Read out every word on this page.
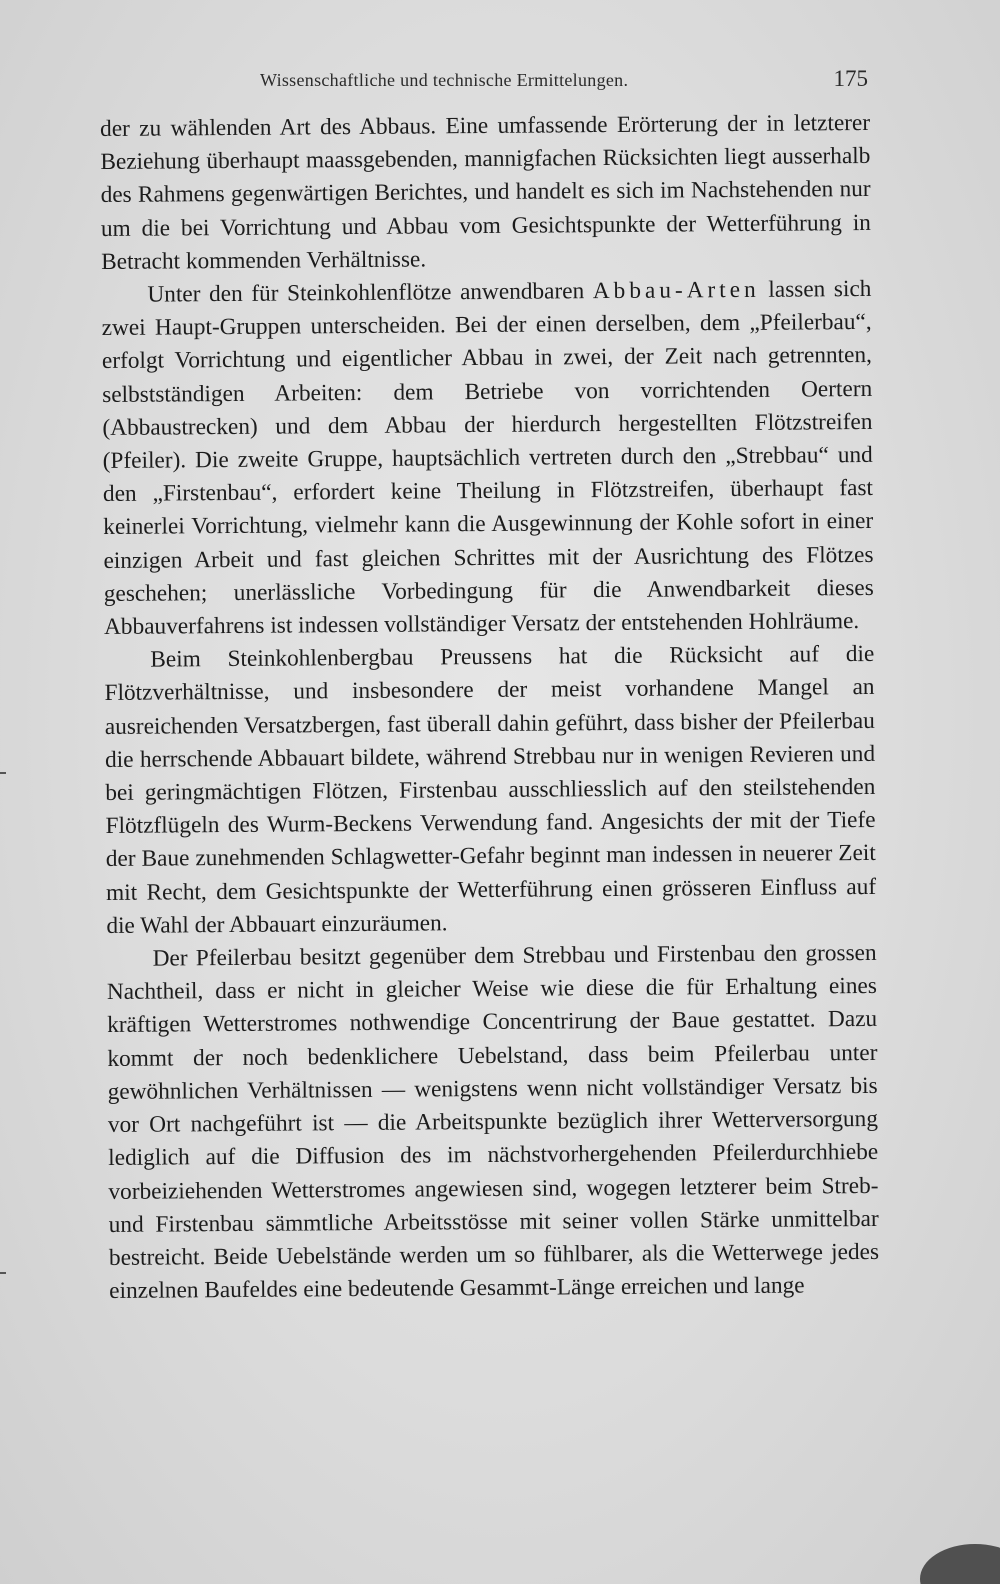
Wissenschaftliche und technische Ermittelungen.	175

der zu wählenden Art des Abbaus. Eine umfassende Erörterung der in letzterer Beziehung überhaupt maassgebenden, mannigfachen Rücksichten liegt ausserhalb des Rahmens gegenwärtigen Berichtes, und handelt es sich im Nachstehenden nur um die bei Vorrichtung und Abbau vom Gesichtspunkte der Wetterführung in Betracht kommenden Verhältnisse.

Unter den für Steinkohlenflötze anwendbaren Abbau-Arten lassen sich zwei Haupt-Gruppen unterscheiden. Bei der einen derselben, dem „Pfeilerbau“, erfolgt Vorrichtung und eigentlicher Abbau in zwei, der Zeit nach getrennten, selbstständigen Arbeiten: dem Betriebe von vorrichtenden Oertern (Abbaustrecken) und dem Abbau der hierdurch hergestellten Flötzstreifen (Pfeiler). Die zweite Gruppe, hauptsächlich vertreten durch den „Strebbau“ und den „Firstenbau“, erfordert keine Theilung in Flötzstreifen, überhaupt fast keinerlei Vorrichtung, vielmehr kann die Ausgewinnung der Kohle sofort in einer einzigen Arbeit und fast gleichen Schrittes mit der Ausrichtung des Flötzes geschehen; unerlässliche Vorbedingung für die Anwendbarkeit dieses Abbauverfahrens ist indessen vollständiger Versatz der entstehenden Hohlräume.

Beim Steinkohlenbergbau Preussens hat die Rücksicht auf die Flötzverhältnisse, und insbesondere der meist vorhandene Mangel an ausreichenden Versatzbergen, fast überall dahin geführt, dass bisher der Pfeilerbau die herrschende Abbauart bildete, während Strebbau nur in wenigen Revieren und bei geringmächtigen Flötzen, Firstenbau ausschliesslich auf den steilstehenden Flötzflügeln des Wurm-Beckens Verwendung fand. Angesichts der mit der Tiefe der Baue zunehmenden Schlagwetter-Gefahr beginnt man indessen in neuerer Zeit mit Recht, dem Gesichtspunkte der Wetterführung einen grösseren Einfluss auf die Wahl der Abbauart einzuräumen.

Der Pfeilerbau besitzt gegenüber dem Strebbau und Firstenbau den grossen Nachtheil, dass er nicht in gleicher Weise wie diese die für Erhaltung eines kräftigen Wetterstromes nothwendige Concentrirung der Baue gestattet. Dazu kommt der noch bedenklichere Uebelstand, dass beim Pfeilerbau unter gewöhnlichen Verhältnissen — wenigstens wenn nicht vollständiger Versatz bis vor Ort nachgeführt ist — die Arbeitspunkte bezüglich ihrer Wetterversorgung lediglich auf die Diffusion des im nächstvorhergehenden Pfeilerdurchhiebe vorbeiziehenden Wetterstromes angewiesen sind, wogegen letzterer beim Streb- und Firstenbau sämmtliche Arbeitsstösse mit seiner vollen Stärke unmittelbar bestreicht. Beide Uebelstände werden um so fühlbarer, als die Wetterwege jedes einzelnen Baufeldes eine bedeutende Gesammt-Länge erreichen und lange
